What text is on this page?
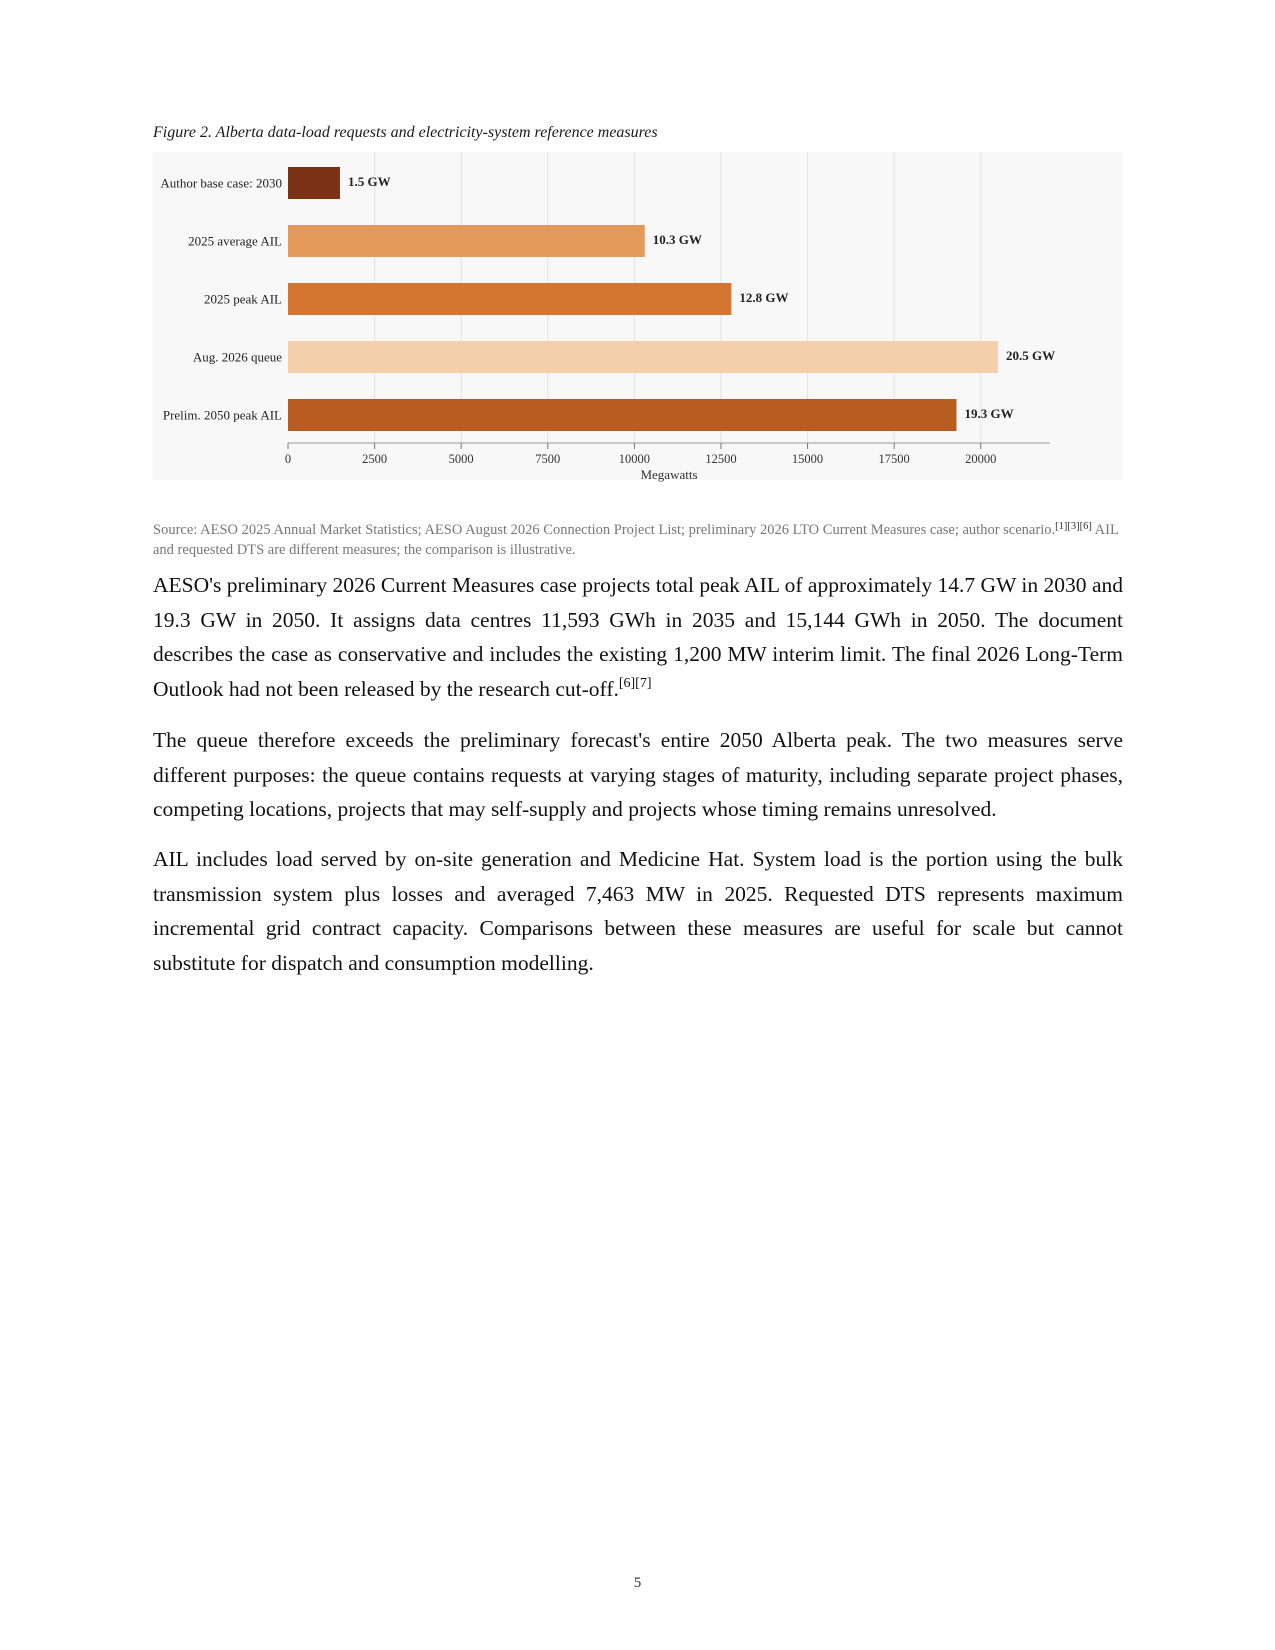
Figure 2. Alberta data-load requests and electricity-system reference measures
Author base case: 2030	1.5 GW
2025 average AIL	10.3 GW
2025 peak AIL	12.8 GW
Aug. 2026 queue	20.5 GW
Prelim. 2050 peak AIL	19.3 GW
0	2500	5000	7500	10000	12500	15000	17500	20000
Megawatts
Source: AESO 2025 Annual Market Statistics; AESO August 2026 Connection Project List; preliminary 2026 LTO Current Measures case; author scenario.[1][3][6] AIL and requested DTS are different measures; the comparison is illustrative.

AESO's preliminary 2026 Current Measures case projects total peak AIL of approximately 14.7 GW in 2030 and 19.3 GW in 2050. It assigns data centres 11,593 GWh in 2035 and 15,144 GWh in 2050. The document describes the case as conservative and includes the existing 1,200 MW interim limit. The final 2026 Long-Term Outlook had not been released by the research cut-off.[6][7]

The queue therefore exceeds the preliminary forecast's entire 2050 Alberta peak. The two measures serve different purposes: the queue contains requests at varying stages of maturity, including separate project phases, competing locations, projects that may self-supply and projects whose timing remains unresolved.

AIL includes load served by on-site generation and Medicine Hat. System load is the portion using the bulk transmission system plus losses and averaged 7,463 MW in 2025. Requested DTS represents maximum incremental grid contract capacity. Comparisons between these measures are useful for scale but cannot substitute for dispatch and consumption modelling.

5
